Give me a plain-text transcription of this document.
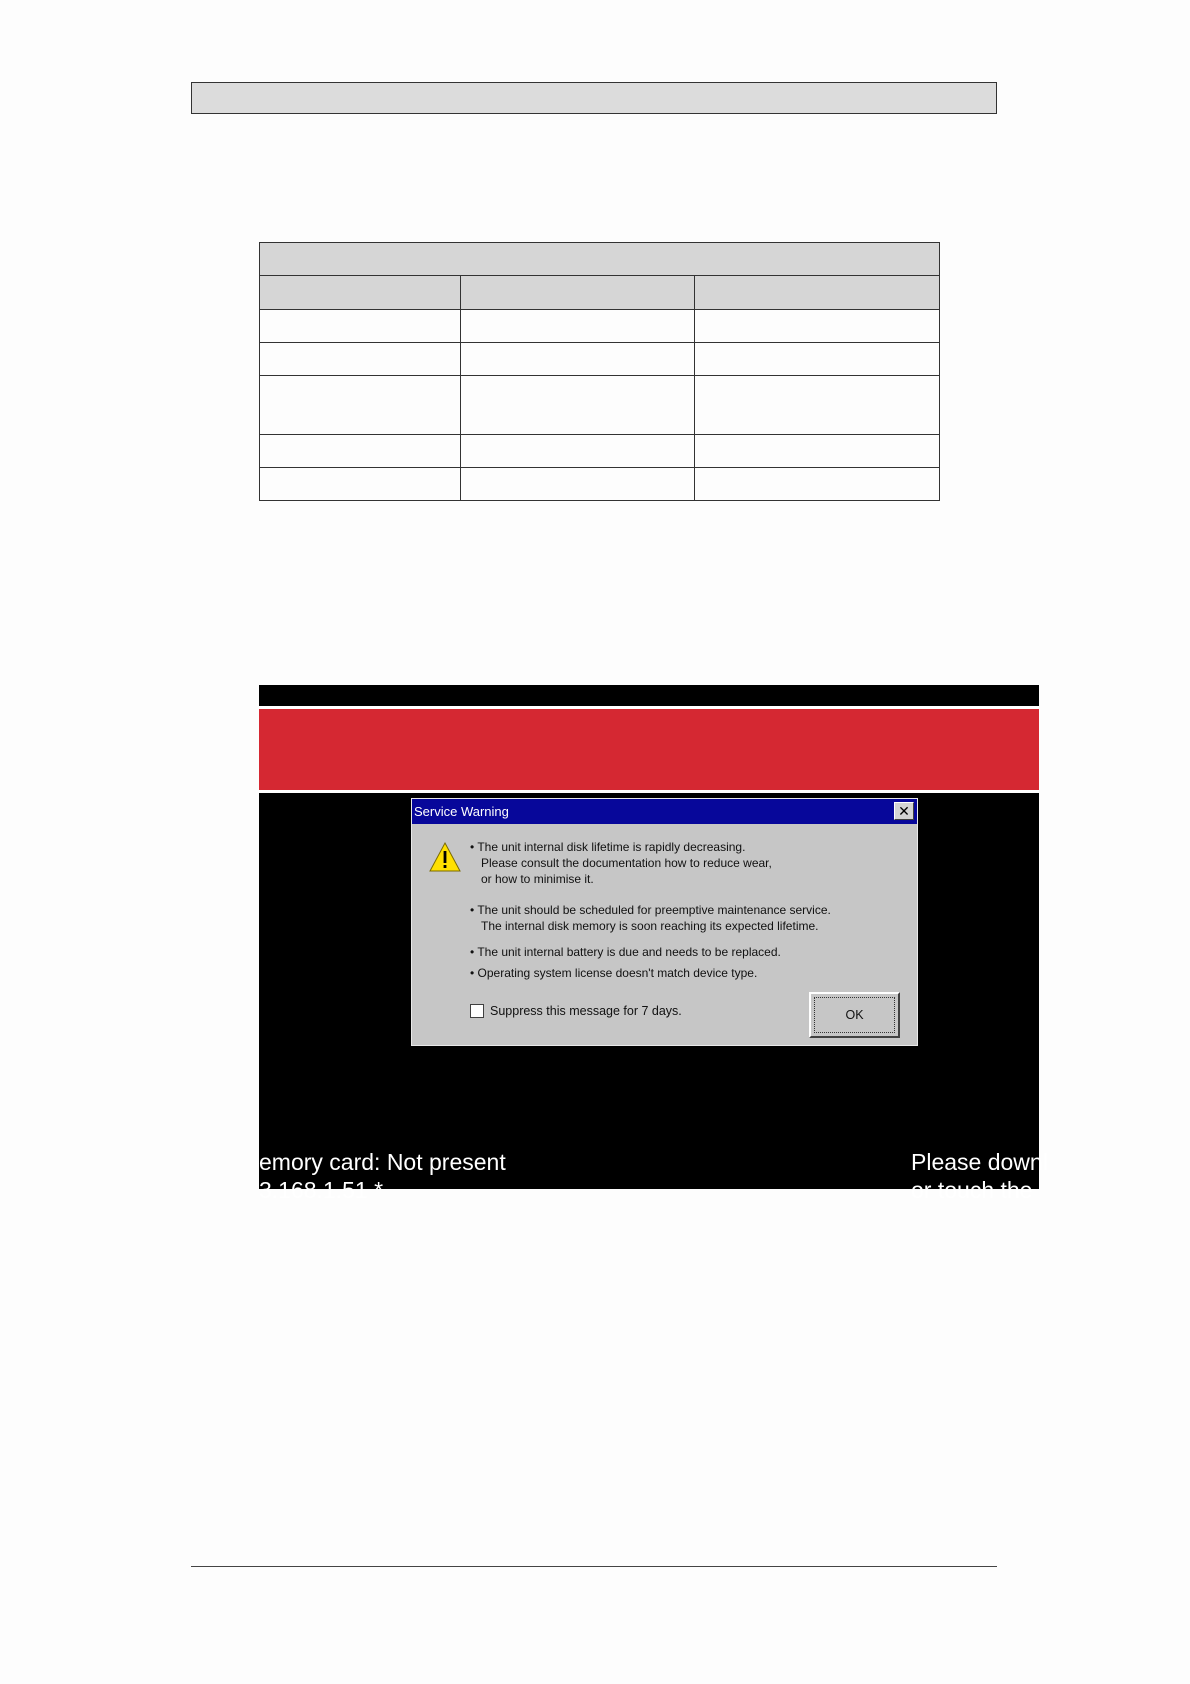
Service Warning	✕
• The unit internal disk lifetime is rapidly decreasing.
Please consult the documentation how to reduce wear,
or how to minimise it.
• The unit should be scheduled for preemptive maintenance service.
The internal disk memory is soon reaching its expected lifetime.
• The unit internal battery is due and needs to be replaced.
• Operating system license doesn't match device type.
Suppress this message for 7 days.	OK
emory card: Not present
3.168.1.51 *
Please downl
or touch the
